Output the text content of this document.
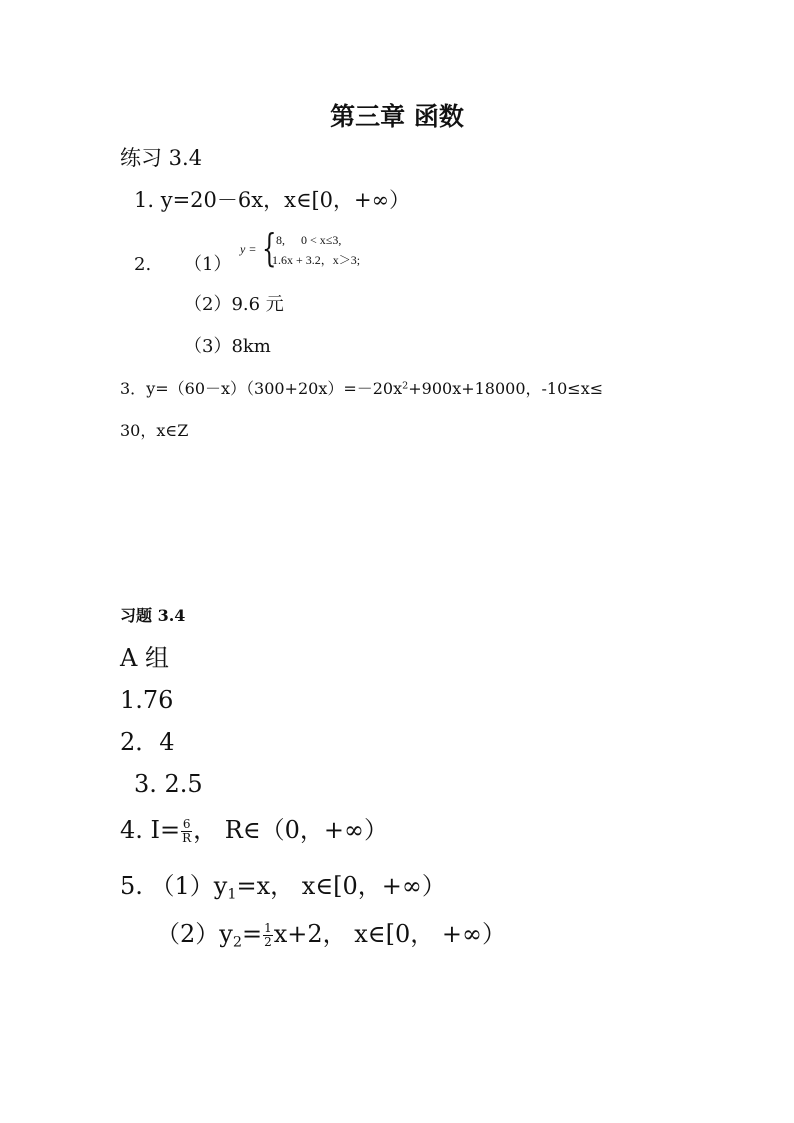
第三章 函数
练习 3.4
1. y=20－6x，x∈[0，+∞）
2. （1）
y = { 8, 0 < x≤3,
1.6x + 3.2，x＞3;
（2）9.6 元
（3）8km
3．$y=(60-x)(300+20x)=-20x^2+900x+18000$，-10≤x≤
30，x∈Z
习题 3.4
A 组
1.76
2．4
3. 2.5
4. $I= \frac{6}{R}$ ， R∈（0，+∞）
5. $(1)y_1=x$， x∈[0，+∞）
$(2)y_2= \frac{1}{2} x+2$， x∈[0， +∞）
